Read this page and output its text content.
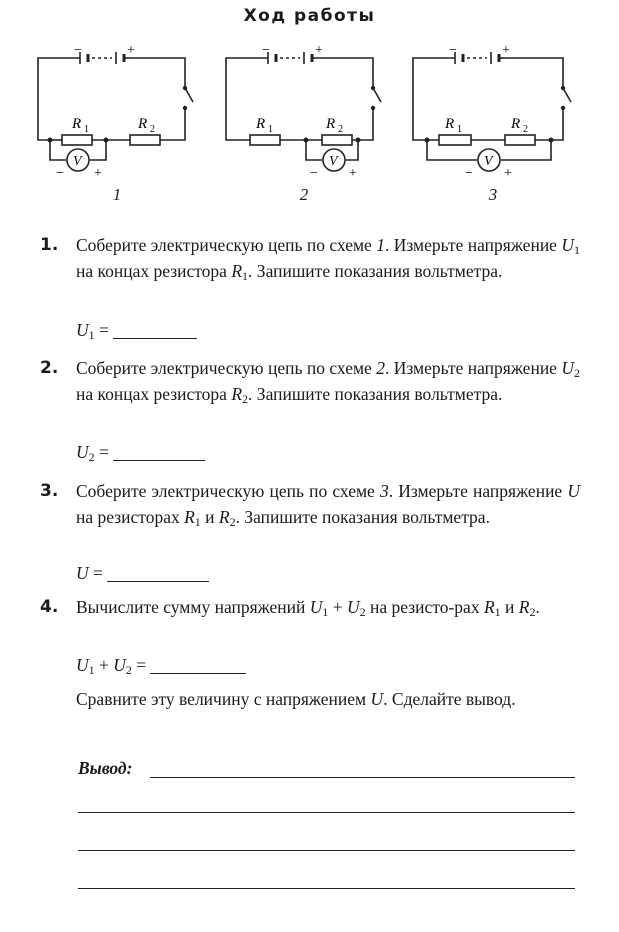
Ход работы
R 1	R 2
V
− +
−	+
1
R 1	R 2
V
− +
−	+
2
R 1	R 2
V
− +
−	+
3
1. Соберите электрическую цепь по схеме 1. Измерьте напряжение $U_1$ на концах резистора $R_1$. Запишите показания вольтметра.
$U_1$ =
2. Соберите электрическую цепь по схеме 2. Измерьте напряжение $U_2$ на концах резистора $R_2$. Запишите показания вольтметра.
$U_2$ =
3. Соберите электрическую цепь по схеме 3. Измерьте напряжение U на резисторах $R_1$ и $R_2$. Запишите показания вольтметра.
U =
4. Вычислите сумму напряжений $U_1 + U_2$ на резисто-рах $R_1$ и $R_2$.
$U_1 + U_2$ =
Сравните эту величину с напряжением U. Сделайте вывод.
Вывод:
